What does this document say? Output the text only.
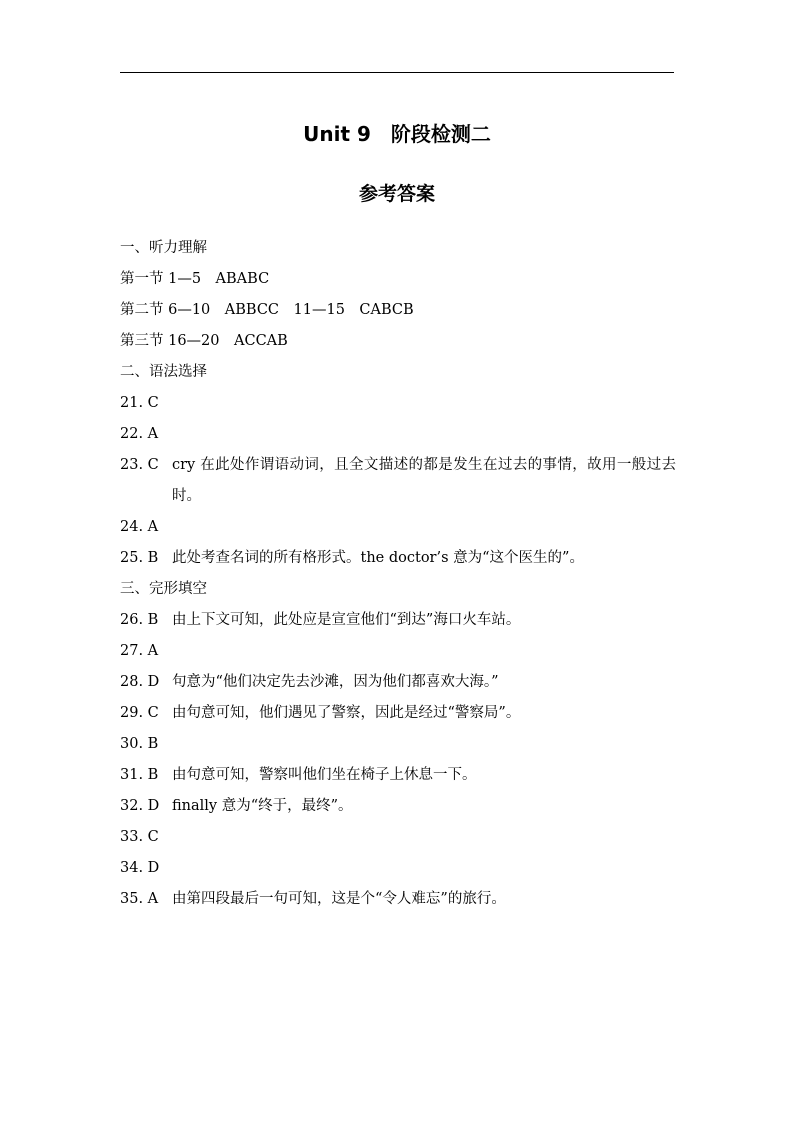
Unit 9　阶段检测二
参考答案
一、听力理解
第一节 1—5　ABABC
第二节 6—10　ABBCC　11—15　CABCB
第三节 16—20　ACCAB
二、语法选择
21. C
22. A
23. C cry 在此处作谓语动词，且全文描述的都是发生在过去的事情，故用一般过去时。
24. A
25. B 此处考查名词的所有格形式。the doctor’s 意为“这个医生的”。
三、完形填空
26. B 由上下文可知，此处应是宣宣他们“到达”海口火车站。
27. A
28. D 句意为“他们决定先去沙滩，因为他们都喜欢大海。”
29. C 由句意可知，他们遇见了警察，因此是经过“警察局”。
30. B
31. B 由句意可知，警察叫他们坐在椅子上休息一下。
32. D finally 意为“终于，最终”。
33. C
34. D
35. A 由第四段最后一句可知，这是个“令人难忘”的旅行。
